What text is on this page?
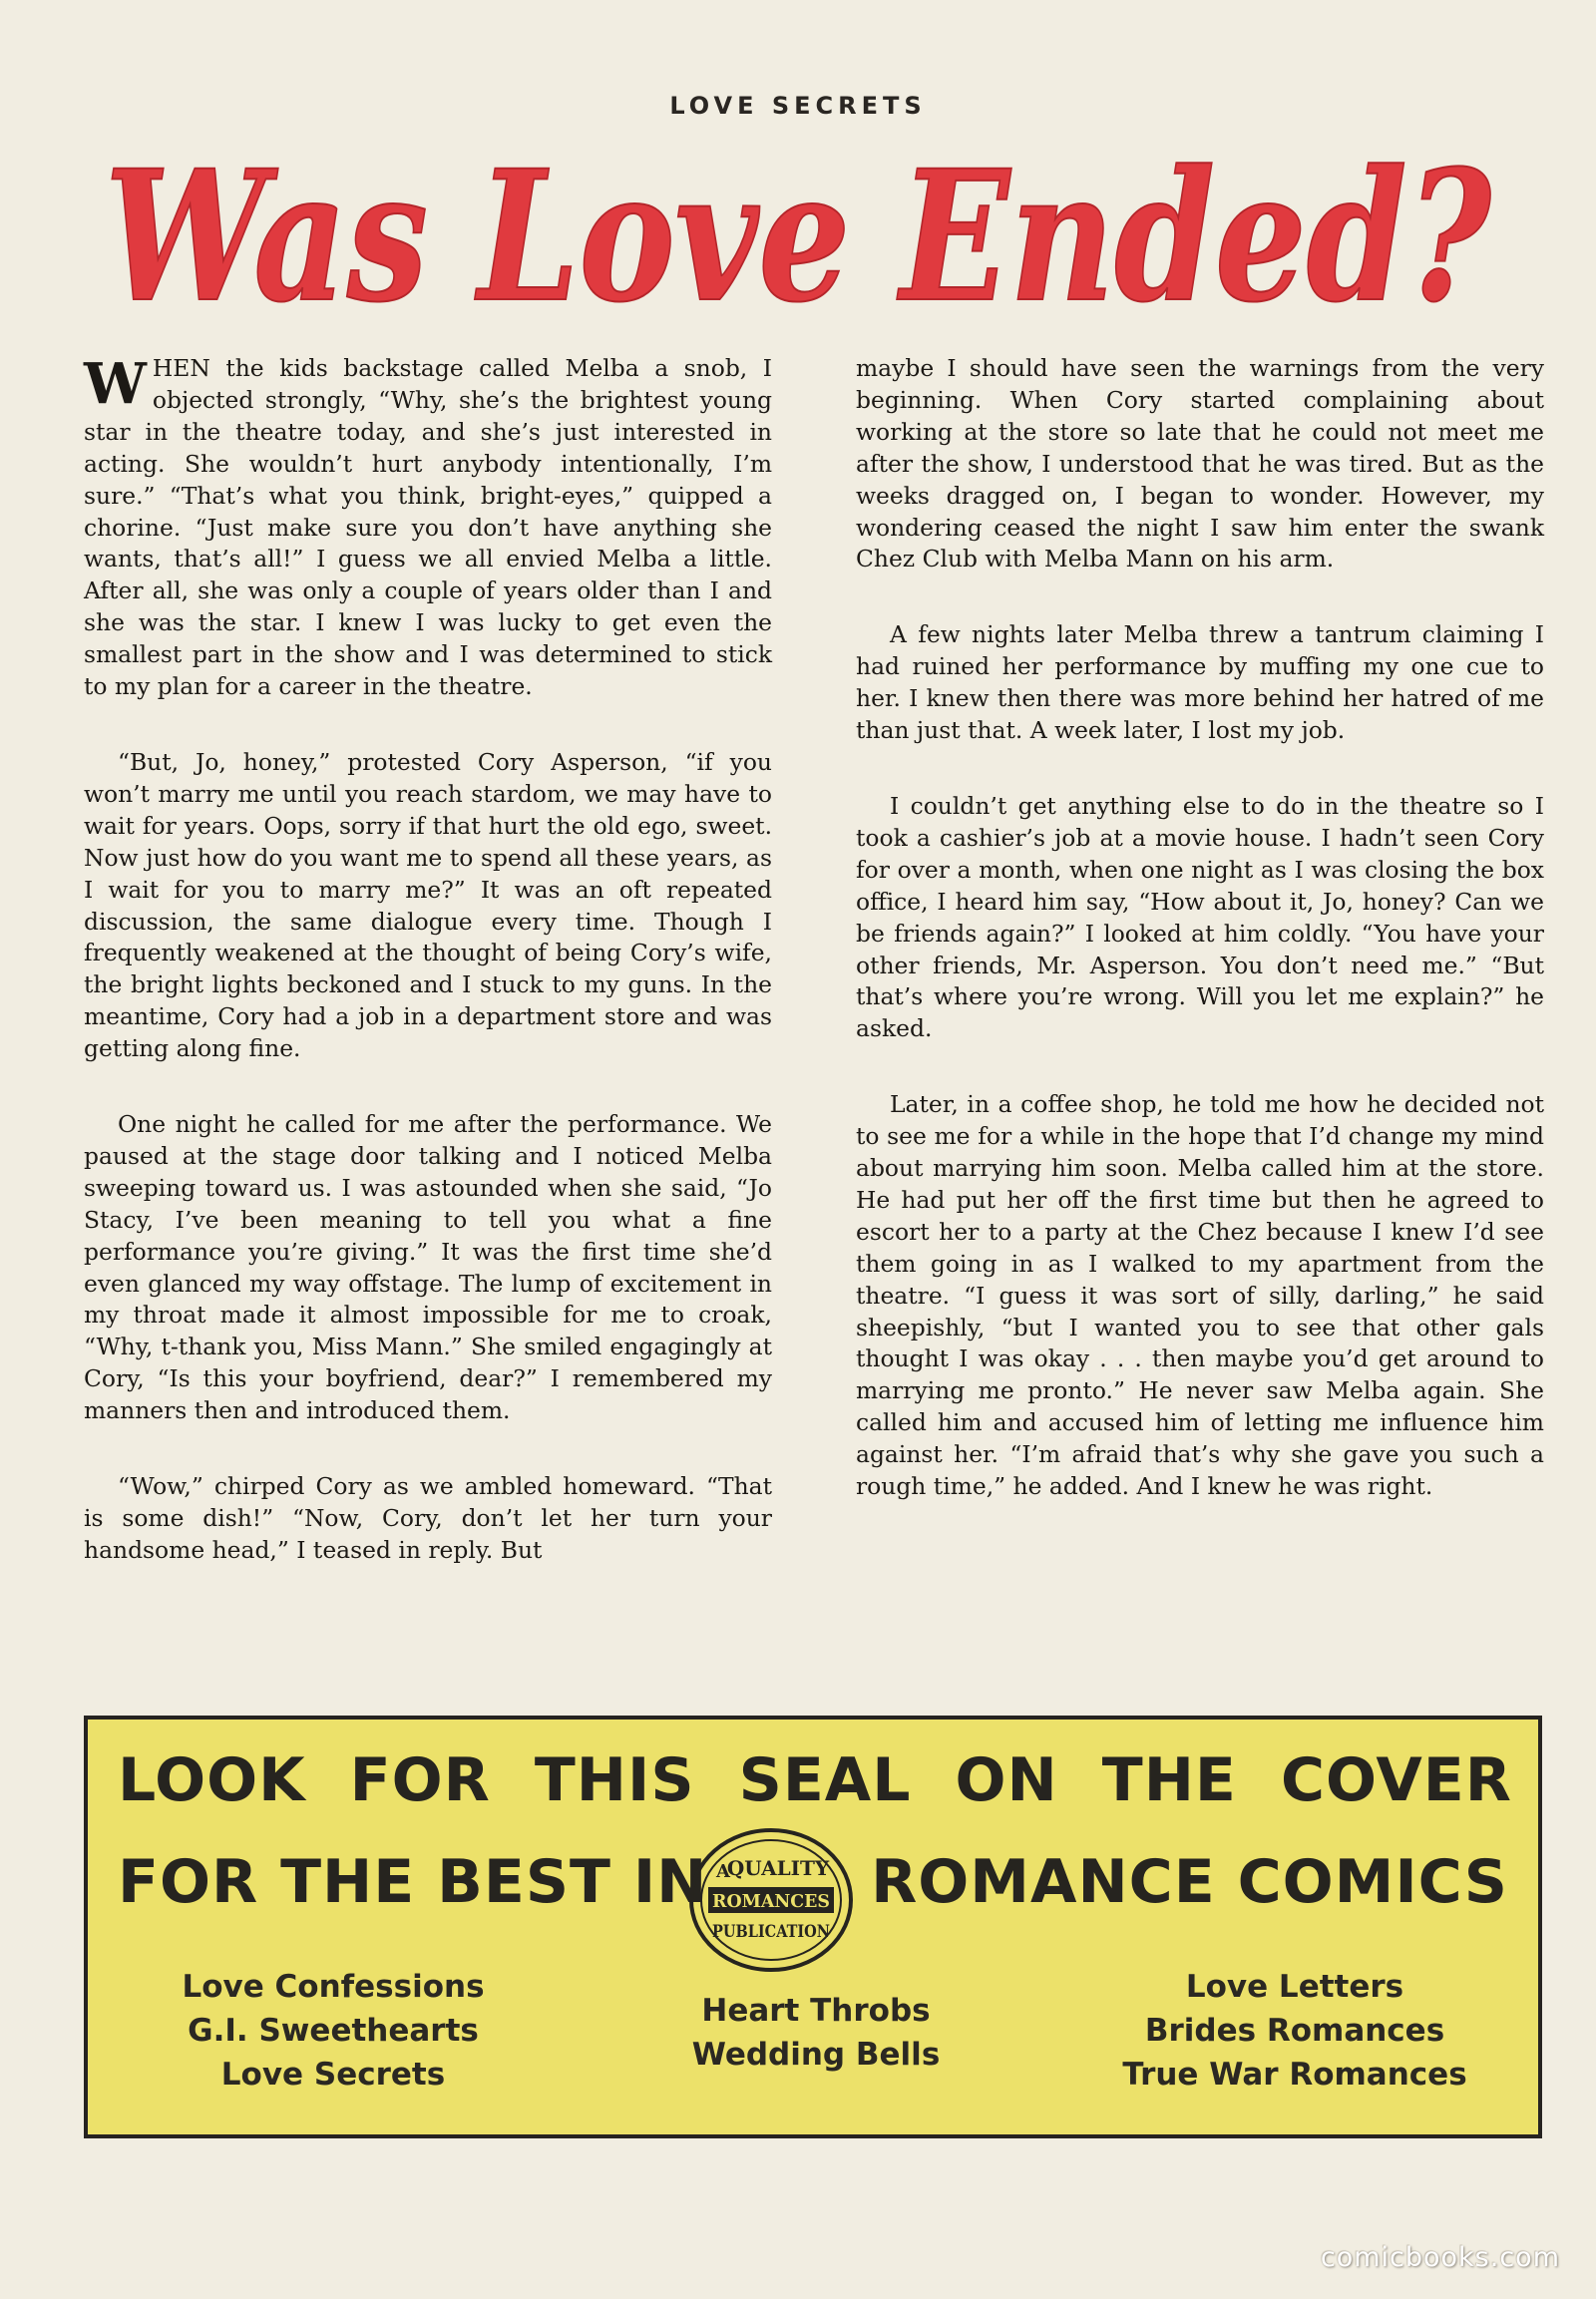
LOVE SECRETS
Was Love Ended?

WHEN the kids backstage called Melba a snob, I objected strongly, “Why, she’s the brightest young star in the theatre today, and she’s just interested in acting. She wouldn’t hurt anybody intentionally, I’m sure.” “That’s what you think, bright-eyes,” quipped a chorine. “Just make sure you don’t have anything she wants, that’s all!” I guess we all envied Melba a little. After all, she was only a couple of years older than I and she was the star. I knew I was lucky to get even the smallest part in the show and I was determined to stick to my plan for a career in the theatre.

“But, Jo, honey,” protested Cory Asperson, “if you won’t marry me until you reach stardom, we may have to wait for years. Oops, sorry if that hurt the old ego, sweet. Now just how do you want me to spend all these years, as I wait for you to marry me?” It was an oft repeated discussion, the same dialogue every time. Though I frequently weakened at the thought of being Cory’s wife, the bright lights beckoned and I stuck to my guns. In the meantime, Cory had a job in a department store and was getting along fine.

One night he called for me after the performance. We paused at the stage door talking and I noticed Melba sweeping toward us. I was astounded when she said, “Jo Stacy, I’ve been meaning to tell you what a fine performance you’re giving.” It was the first time she’d even glanced my way offstage. The lump of excitement in my throat made it almost impossible for me to croak, “Why, t-thank you, Miss Mann.” She smiled engagingly at Cory, “Is this your boyfriend, dear?” I remembered my manners then and introduced them.

“Wow,” chirped Cory as we ambled homeward. “That is some dish!” “Now, Cory, don’t let her turn your handsome head,” I teased in reply. But

maybe I should have seen the warnings from the very beginning. When Cory started complaining about working at the store so late that he could not meet me after the show, I understood that he was tired. But as the weeks dragged on, I began to wonder. However, my wondering ceased the night I saw him enter the swank Chez Club with Melba Mann on his arm.

A few nights later Melba threw a tantrum claiming I had ruined her performance by muffing my one cue to her. I knew then there was more behind her hatred of me than just that. A week later, I lost my job.

I couldn’t get anything else to do in the theatre so I took a cashier’s job at a movie house. I hadn’t seen Cory for over a month, when one night as I was closing the box office, I heard him say, “How about it, Jo, honey? Can we be friends again?” I looked at him coldly. “You have your other friends, Mr. Asperson. You don’t need me.” “But that’s where you’re wrong. Will you let me explain?” he asked.

Later, in a coffee shop, he told me how he decided not to see me for a while in the hope that I’d change my mind about marrying him soon. Melba called him at the store. He had put her off the first time but then he agreed to escort her to a party at the Chez because I knew I’d see them going in as I walked to my apartment from the theatre. “I guess it was sort of silly, darling,” he said sheepishly, “but I wanted you to see that other gals thought I was okay . . . then maybe you’d get around to marrying me pronto.” He never saw Melba again. She called him and accused him of letting me influence him against her. “I’m afraid that’s why she gave you such a rough time,” he added. And I knew he was right.

LOOK FOR THIS SEAL ON THE COVER
FOR THE BEST IN	ROMANCE COMICS
A
QUALITY
ROMANCES
PUBLICATION
Love Confessions
G.I. Sweethearts
Love Secrets
Heart Throbs
Wedding Bells
Love Letters
Brides Romances
True War Romances
comicbooks.com
